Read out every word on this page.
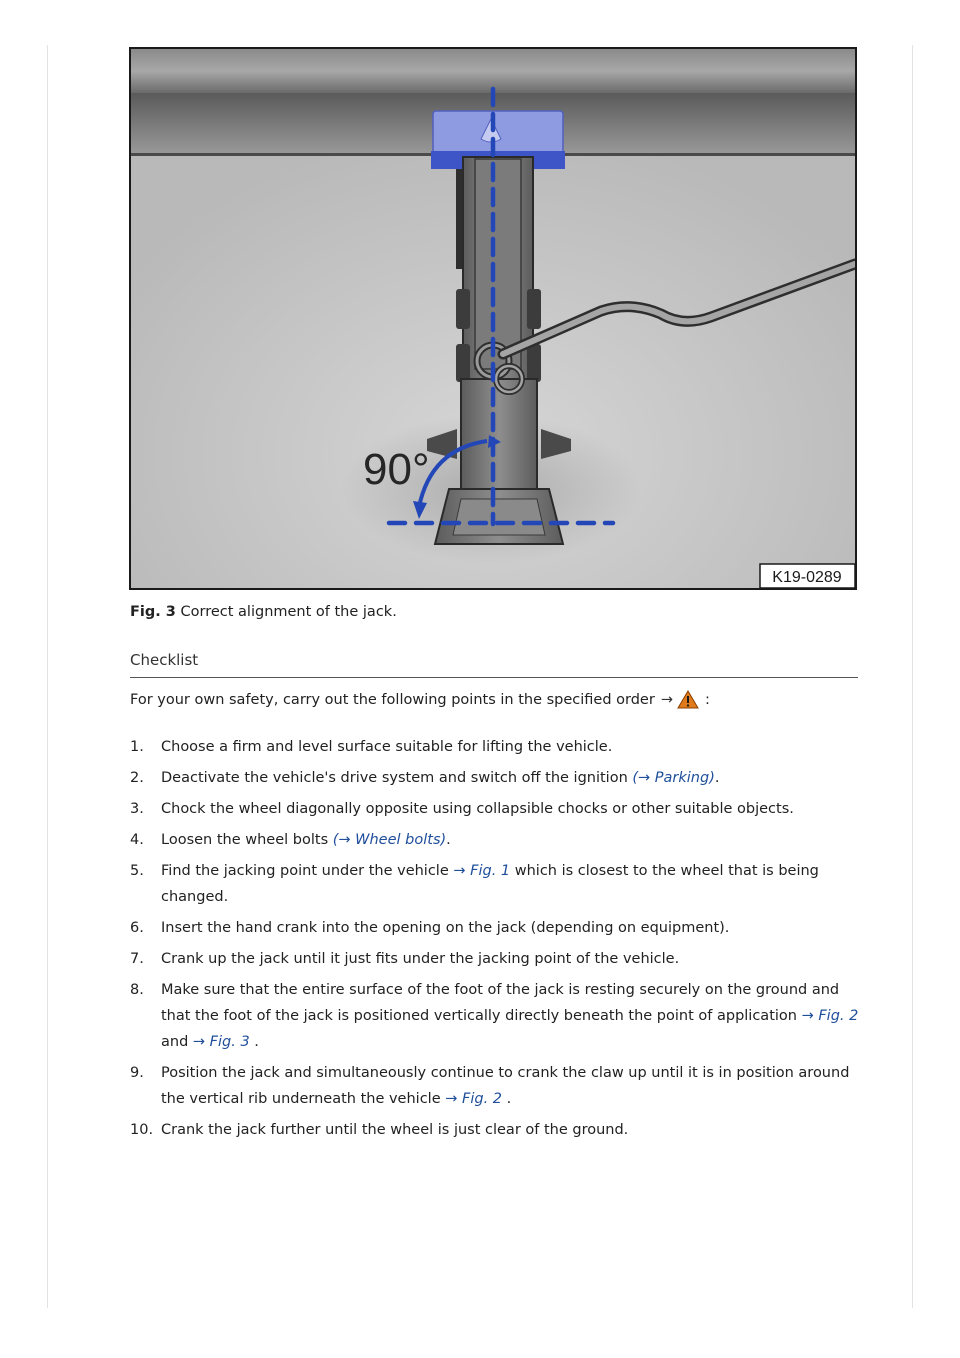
90°
K19-0289
Fig. 3 Correct alignment of the jack.
Checklist
For your own safety, carry out the following points in the specified order → :
1.	Choose a firm and level surface suitable for lifting the vehicle.
2.	Deactivate the vehicle's drive system and switch off the ignition (→ Parking).
3.	Chock the wheel diagonally opposite using collapsible chocks or other suitable objects.
4.	Loosen the wheel bolts (→ Wheel bolts).
5.	Find the jacking point under the vehicle → Fig. 1 which is closest to the wheel that is being changed.
6.	Insert the hand crank into the opening on the jack (depending on equipment).
7.	Crank up the jack until it just fits under the jacking point of the vehicle.
8.	Make sure that the entire surface of the foot of the jack is resting securely on the ground and that the foot of the jack is positioned vertically directly beneath the point of application → Fig. 2 and → Fig. 3 .
9.	Position the jack and simultaneously continue to crank the claw up until it is in position around the vertical rib underneath the vehicle → Fig. 2 .
10. Crank the jack further until the wheel is just clear of the ground.
